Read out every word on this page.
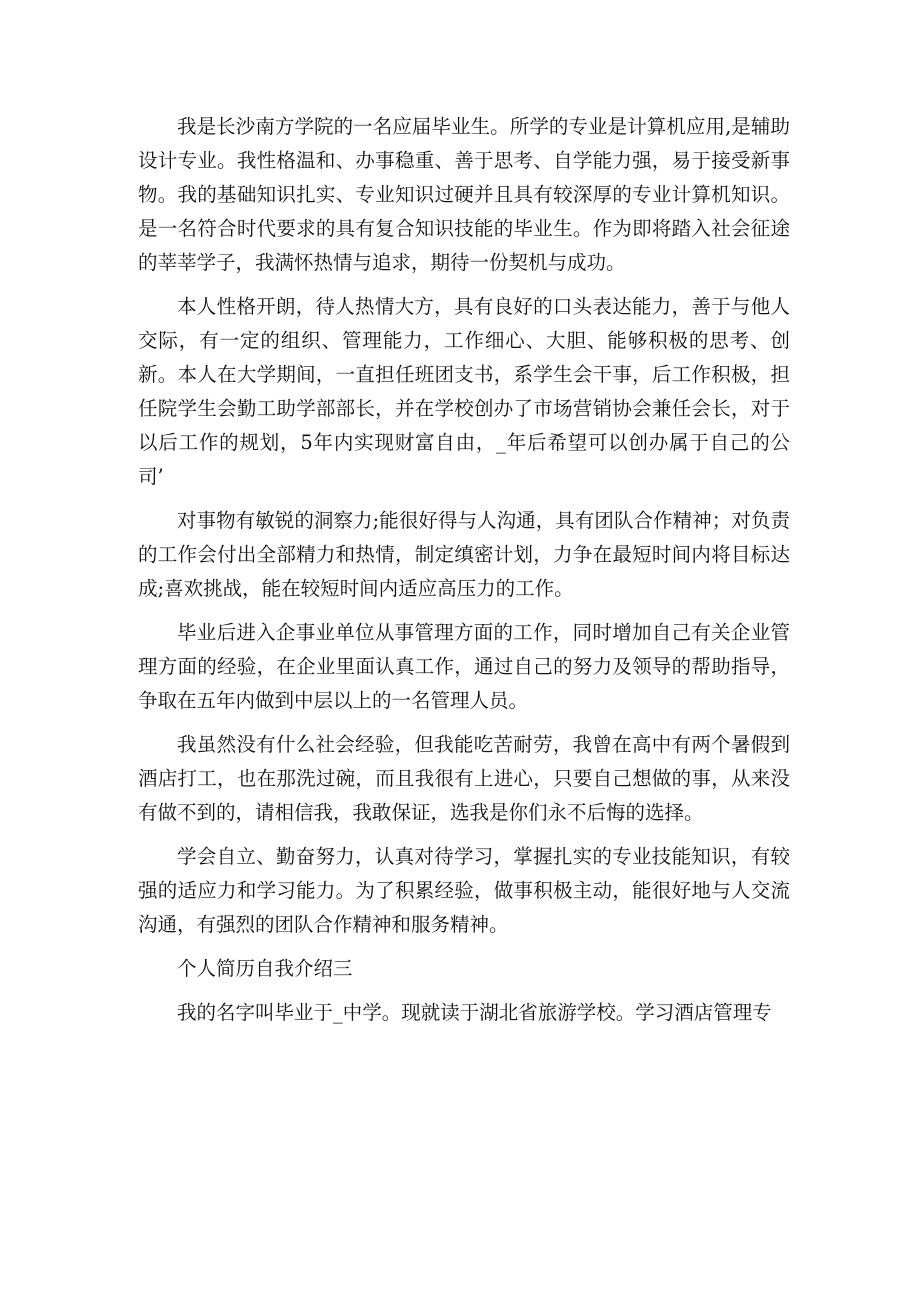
我是长沙南方学院的一名应届毕业生。所学的专业是计算机应用,是辅助设计专业。我性格温和、办事稳重、善于思考、自学能力强，易于接受新事物。我的基础知识扎实、专业知识过硬并且具有较深厚的专业计算机知识。是一名符合时代要求的具有复合知识技能的毕业生。作为即将踏入社会征途的莘莘学子，我满怀热情与追求，期待一份契机与成功。

本人性格开朗，待人热情大方，具有良好的口头表达能力，善于与他人交际，有一定的组织、管理能力，工作细心、大胆、能够积极的思考、创新。本人在大学期间，一直担任班团支书，系学生会干事，后工作积极，担任院学生会勤工助学部部长，并在学校创办了市场营销协会兼任会长，对于以后工作的规划，5年内实现财富自由，_年后希望可以创办属于自己的公司’

对事物有敏锐的洞察力;能很好得与人沟通，具有团队合作精神；对负责的工作会付出全部精力和热情，制定缜密计划，力争在最短时间内将目标达成;喜欢挑战，能在较短时间内适应高压力的工作。

毕业后进入企事业单位从事管理方面的工作，同时增加自己有关企业管理方面的经验，在企业里面认真工作，通过自己的努力及领导的帮助指导，争取在五年内做到中层以上的一名管理人员。

我虽然没有什么社会经验，但我能吃苦耐劳，我曾在高中有两个暑假到酒店打工，也在那洗过碗，而且我很有上进心，只要自己想做的事，从来没有做不到的，请相信我，我敢保证，选我是你们永不后悔的选择。

学会自立、勤奋努力，认真对待学习，掌握扎实的专业技能知识，有较强的适应力和学习能力。为了积累经验，做事积极主动，能很好地与人交流沟通，有强烈的团队合作精神和服务精神。

个人简历自我介绍三

我的名字叫毕业于_中学。现就读于湖北省旅游学校。学习酒店管理专
